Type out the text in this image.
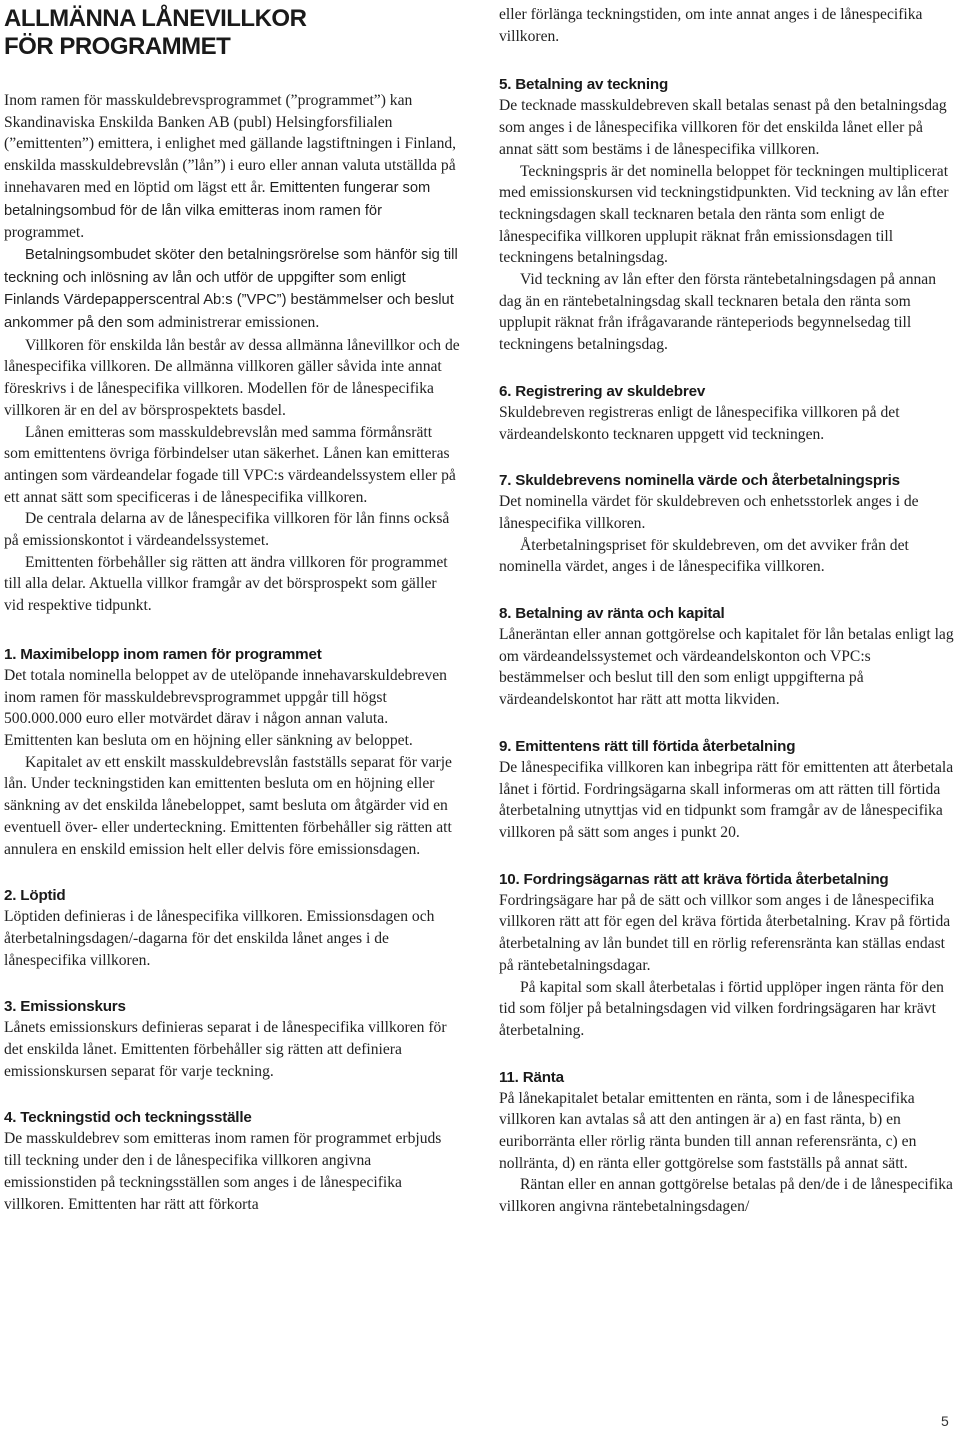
ALLMÄNNA LÅNEVILLKOR
FÖR PROGRAMMET

Inom ramen för masskuldebrevsprogrammet (”programmet”) kan Skandinaviska Enskilda Banken AB (publ) Helsingforsfilialen (”emittenten”) emittera, i enlighet med gällande lagstiftningen i Finland, enskilda masskuldebrevslån (”lån”) i euro eller annan valuta utställda på innehavaren med en löptid om lägst ett år. Emittenten fungerar som betalningsombud för de lån vilka emitteras inom ramen för programmet.

Betalningsombudet sköter den betalningsrörelse som hänför sig till teckning och inlösning av lån och utför de uppgifter som enligt Finlands Värdepapperscentral Ab:s (”VPC”) bestämmelser och beslut ankommer på den som administrerar emissionen.

Villkoren för enskilda lån består av dessa allmänna lånevillkor och de lånespecifika villkoren. De allmänna villkoren gäller såvida inte annat föreskrivs i de lånespecifika villkoren. Modellen för de lånespecifika villkoren är en del av börsprospektets basdel.

Lånen emitteras som masskuldebrevslån med samma förmånsrätt som emittentens övriga förbindelser utan säkerhet. Lånen kan emitteras antingen som värdeandelar fogade till VPC:s värdeandelssystem eller på ett annat sätt som specificeras i de lånespecifika villkoren.

De centrala delarna av de lånespecifika villkoren för lån finns också på emissionskontot i värdeandelssystemet.

Emittenten förbehåller sig rätten att ändra villkoren för programmet till alla delar. Aktuella villkor framgår av det börsprospekt som gäller vid respektive tidpunkt.

1. Maximibelopp inom ramen för programmet

Det totala nominella beloppet av de utelöpande innehavarskuldebreven inom ramen för masskuldebrevsprogrammet uppgår till högst 500.000.000 euro eller motvärdet därav i någon annan valuta. Emittenten kan besluta om en höjning eller sänkning av beloppet.

Kapitalet av ett enskilt masskuldebrevslån fastställs separat för varje lån. Under teckningstiden kan emittenten besluta om en höjning eller sänkning av det enskilda lånebeloppet, samt besluta om åtgärder vid en eventuell över- eller underteckning. Emittenten förbehåller sig rätten att annulera en enskild emission helt eller delvis före emissionsdagen.

2. Löptid

Löptiden definieras i de lånespecifika villkoren. Emissionsdagen och återbetalningsdagen/-dagarna för det enskilda lånet anges i de lånespecifika villkoren.

3. Emissionskurs

Lånets emissionskurs definieras separat i de lånespecifika villkoren för det enskilda lånet. Emittenten förbehåller sig rätten att definiera emissionskursen separat för varje teckning.

4. Teckningstid och teckningsställe

De masskuldebrev som emitteras inom ramen för programmet erbjuds till teckning under den i de lånespecifika villkoren angivna emissionstiden på teckningsställen som anges i de lånespecifika villkoren. Emittenten har rätt att förkorta

eller förlänga teckningstiden, om inte annat anges i de lånespecifika villkoren.

5. Betalning av teckning

De tecknade masskuldebreven skall betalas senast på den betalningsdag som anges i de lånespecifika villkoren för det enskilda lånet eller på annat sätt som bestäms i de lånespecifika villkoren.

Teckningspris är det nominella beloppet för teckningen multiplicerat med emissionskursen vid teckningstidpunkten. Vid teckning av lån efter teckningsdagen skall tecknaren betala den ränta som enligt de lånespecifika villkoren upplupit räknat från emissionsdagen till teckningens betalningsdag.

Vid teckning av lån efter den första räntebetalningsdagen på annan dag än en räntebetalningsdag skall tecknaren betala den ränta som upplupit räknat från ifrågavarande ränteperiods begynnelsedag till teckningens betalningsdag.

6. Registrering av skuldebrev

Skuldebreven registreras enligt de lånespecifika villkoren på det värdeandelskonto tecknaren uppgett vid teckningen.

7. Skuldebrevens nominella värde och återbetalningspris

Det nominella värdet för skuldebreven och enhetsstorlek anges i de lånespecifika villkoren.

Återbetalningspriset för skuldebreven, om det avviker från det nominella värdet, anges i de lånespecifika villkoren.

8. Betalning av ränta och kapital

Låneräntan eller annan gottgörelse och kapitalet för lån betalas enligt lag om värdeandelssystemet och värdeandelskonton och VPC:s bestämmelser och beslut till den som enligt uppgifterna på värdeandelskontot har rätt att motta likviden.

9. Emittentens rätt till förtida återbetalning

De lånespecifika villkoren kan inbegripa rätt för emittenten att återbetala lånet i förtid. Fordringsägarna skall informeras om att rätten till förtida återbetalning utnyttjas vid en tidpunkt som framgår av de lånespecifika villkoren på sätt som anges i punkt 20.

10. Fordringsägarnas rätt att kräva förtida återbetalning

Fordringsägare har på de sätt och villkor som anges i de lånespecifika villkoren rätt att för egen del kräva förtida återbetalning. Krav på förtida återbetalning av lån bundet till en rörlig referensränta kan ställas endast på räntebetalningsdagar.

På kapital som skall återbetalas i förtid upplöper ingen ränta för den tid som följer på betalningsdagen vid vilken fordringsägaren har krävt återbetalning.

11. Ränta

På lånekapitalet betalar emittenten en ränta, som i de lånespecifika villkoren kan avtalas så att den antingen är a) en fast ränta, b) en euriborränta eller rörlig ränta bunden till annan referensränta, c) en nollränta, d) en ränta eller gottgörelse som fastställs på annat sätt.

Räntan eller en annan gottgörelse betalas på den/de i de lånespecifika villkoren angivna räntebetalningsdagen/

5
